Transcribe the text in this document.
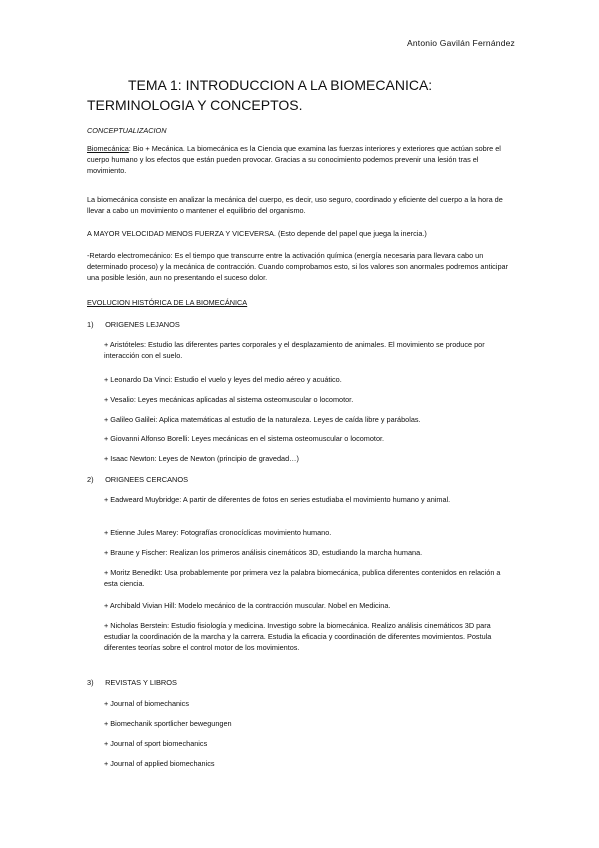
Antonio Gavilán Fernández
TEMA 1: INTRODUCCION A LA BIOMECANICA:
TERMINOLOGIA Y CONCEPTOS.
CONCEPTUALIZACION
Biomecánica: Bio + Mecánica. La biomecánica es la Ciencia que examina las fuerzas interiores y exteriores que actúan sobre el cuerpo humano y los efectos que están pueden provocar. Gracias a su conocimiento podemos prevenir una lesión tras el movimiento.
La biomecánica consiste en analizar la mecánica del cuerpo, es decir, uso seguro, coordinado y eficiente del cuerpo a la hora de llevar a cabo un movimiento o mantener el equilibrio del organismo.
A MAYOR VELOCIDAD MENOS FUERZA Y VICEVERSA. (Esto depende del papel que juega la inercia.)
-Retardo electromecánico: Es el tiempo que transcurre entre la activación química (energía necesaria para llevara cabo un determinado proceso) y la mecánica de contracción. Cuando comprobamos esto, si los valores son anormales podremos anticipar una posible lesión, aun no presentando el suceso dolor.
EVOLUCION HISTÓRICA DE LA BIOMECÁNICA
1) ORIGENES LEJANOS
+ Aristóteles: Estudio las diferentes partes corporales y el desplazamiento de animales. El movimiento se produce por interacción con el suelo.
+ Leonardo Da Vinci: Estudio el vuelo y leyes del medio aéreo y acuático.
+ Vesalio: Leyes mecánicas aplicadas al sistema osteomuscular o locomotor.
+ Galileo Galilei: Aplica matemáticas al estudio de la naturaleza. Leyes de caída libre y parábolas.
+ Giovanni Alfonso Borelli: Leyes mecánicas en el sistema osteomuscular o locomotor.
+ Isaac Newton: Leyes de Newton (principio de gravedad…)
2) ORIGNEES CERCANOS
+ Eadweard Muybridge: A partir de diferentes de fotos en series estudiaba el movimiento humano y animal.
+ Etienne Jules Marey: Fotografías cronocíclicas movimiento humano.
+ Braune y Fischer: Realizan los primeros análisis cinemáticos 3D, estudiando la marcha humana.
+ Moritz Benedikt: Usa probablemente por primera vez la palabra biomecánica, publica diferentes contenidos en relación a esta ciencia.
+ Archibald Vivian Hill: Modelo mecánico de la contracción muscular. Nobel en Medicina.
+ Nicholas Berstein: Estudio fisiología y medicina. Investigo sobre la biomecánica. Realizo análisis cinemáticos 3D para estudiar la coordinación de la marcha y la carrera. Estudia la eficacia y coordinación de diferentes movimientos. Postula diferentes teorías sobre el control motor de los movimientos.
3) REVISTAS Y LIBROS
+ Journal of biomechanics
+ Biomechanik sportlicher bewegungen
+ Journal of sport biomechanics
+ Journal of applied biomechanics
